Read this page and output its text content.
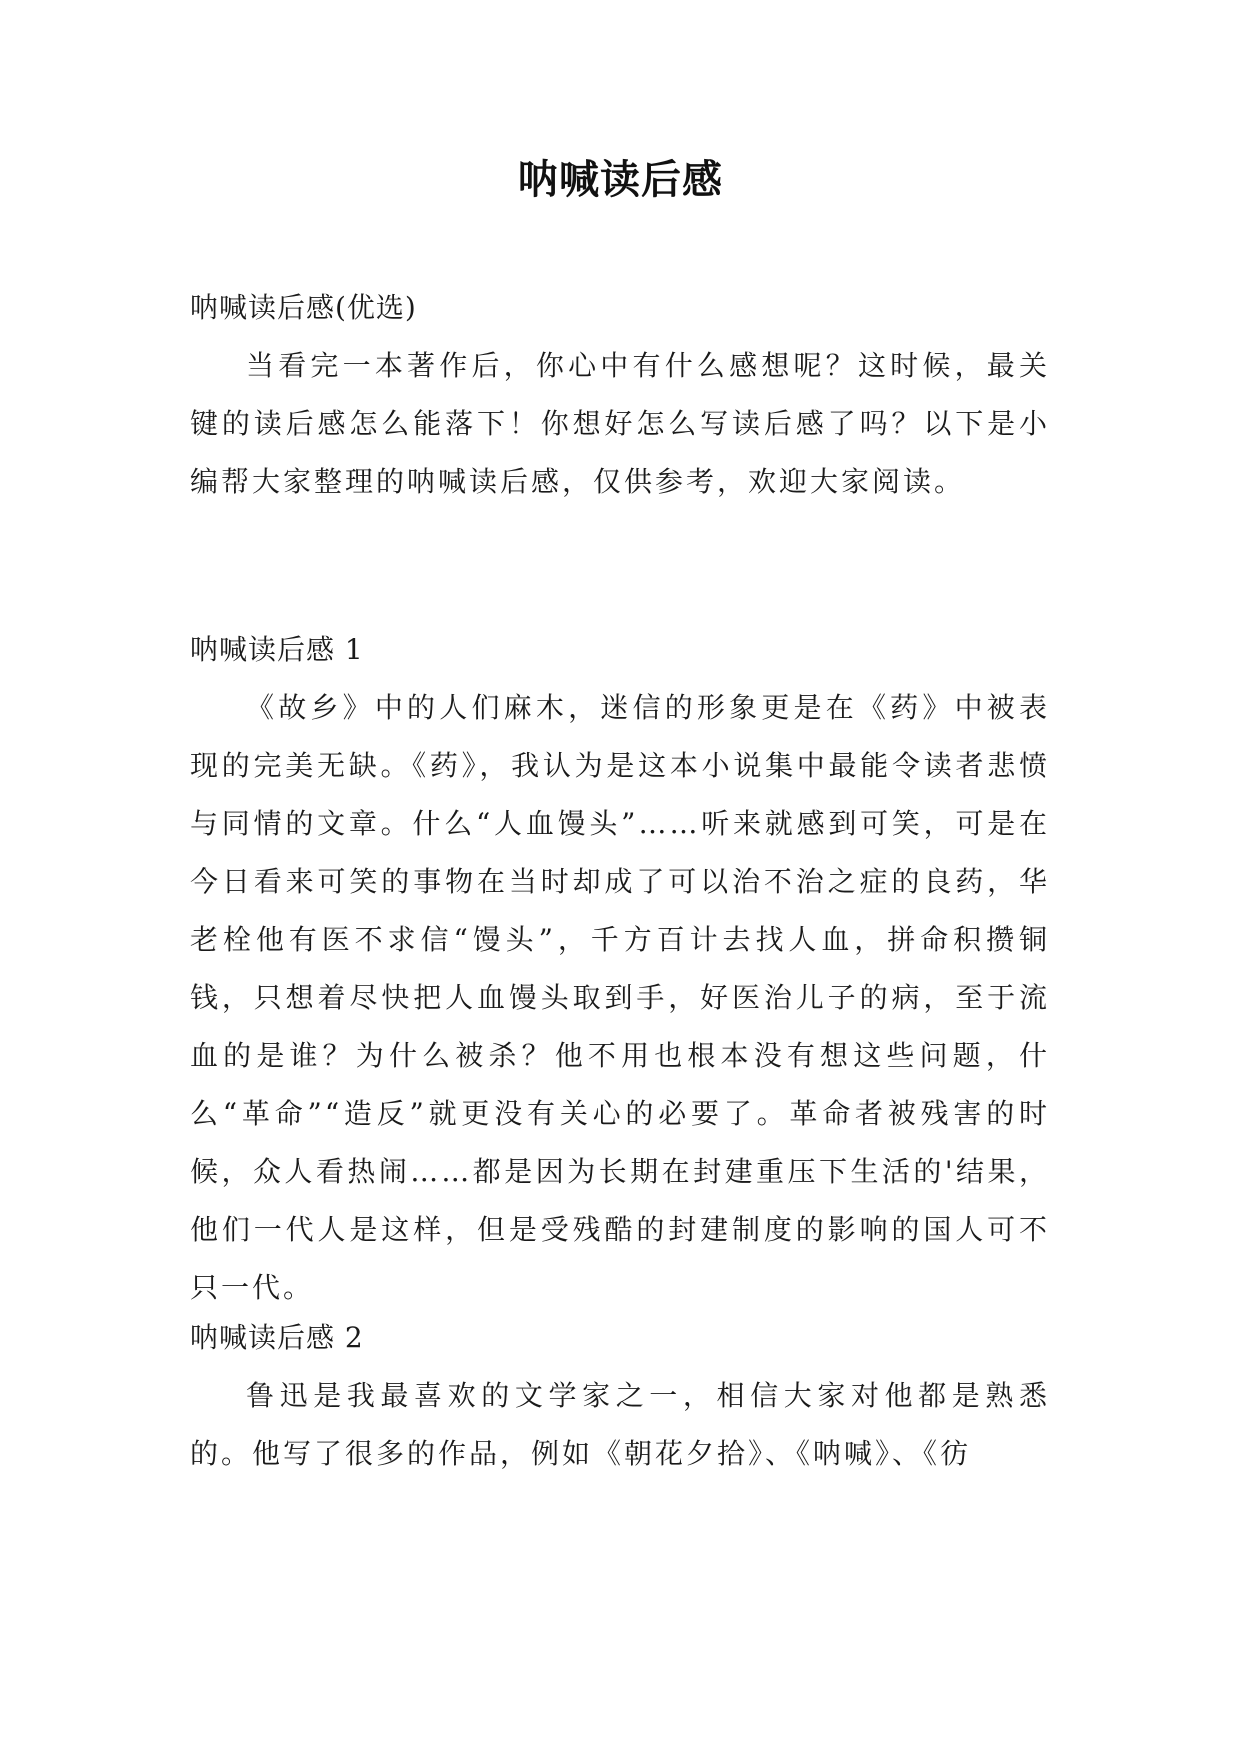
呐喊读后感

呐喊读后感(优选)

当看完一本著作后，你心中有什么感想呢？这时候，最关键的读后感怎么能落下！你想好怎么写读后感了吗？以下是小编帮大家整理的呐喊读后感，仅供参考，欢迎大家阅读。

呐喊读后感 1

《故乡》中的人们麻木，迷信的形象更是在《药》中被表现的完美无缺。《药》，我认为是这本小说集中最能令读者悲愤与同情的文章。什么“人血馒头”……听来就感到可笑，可是在今日看来可笑的事物在当时却成了可以治不治之症的良药，华老栓他有医不求信“馒头”，千方百计去找人血，拼命积攒铜钱，只想着尽快把人血馒头取到手，好医治儿子的病，至于流血的是谁？为什么被杀？他不用也根本没有想这些问题，什么“革命”“造反”就更没有关心的必要了。革命者被残害的时候，众人看热闹……都是因为长期在封建重压下生活的'结果，他们一代人是这样，但是受残酷的封建制度的影响的国人可不只一代。

呐喊读后感 2

鲁迅是我最喜欢的文学家之一，相信大家对他都是熟悉的。他写了很多的作品，例如《朝花夕拾》、《呐喊》、《彷
